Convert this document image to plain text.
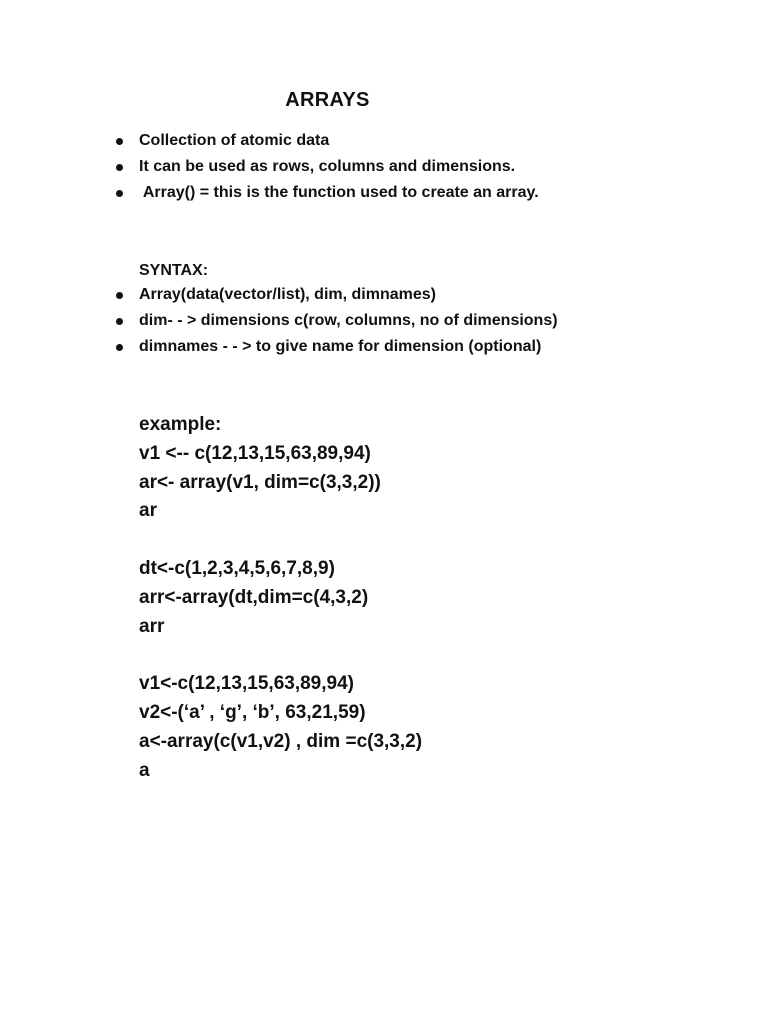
ARRAYS
Collection of atomic data
It can be used as rows, columns and dimensions.
Array() = this is the function used to create an array.
SYNTAX:
Array(data(vector/list), dim, dimnames)
dim- - > dimensions c(row, columns, no of dimensions)
dimnames - - > to give name for dimension (optional)
example:
v1 <-- c(12,13,15,63,89,94)
ar<- array(v1, dim=c(3,3,2))
ar
dt<-c(1,2,3,4,5,6,7,8,9)
arr<-array(dt,dim=c(4,3,2)
arr
v1<-c(12,13,15,63,89,94)
v2<-(‘a’ , ‘g’, ‘b’, 63,21,59)
a<-array(c(v1,v2) , dim =c(3,3,2)
a
